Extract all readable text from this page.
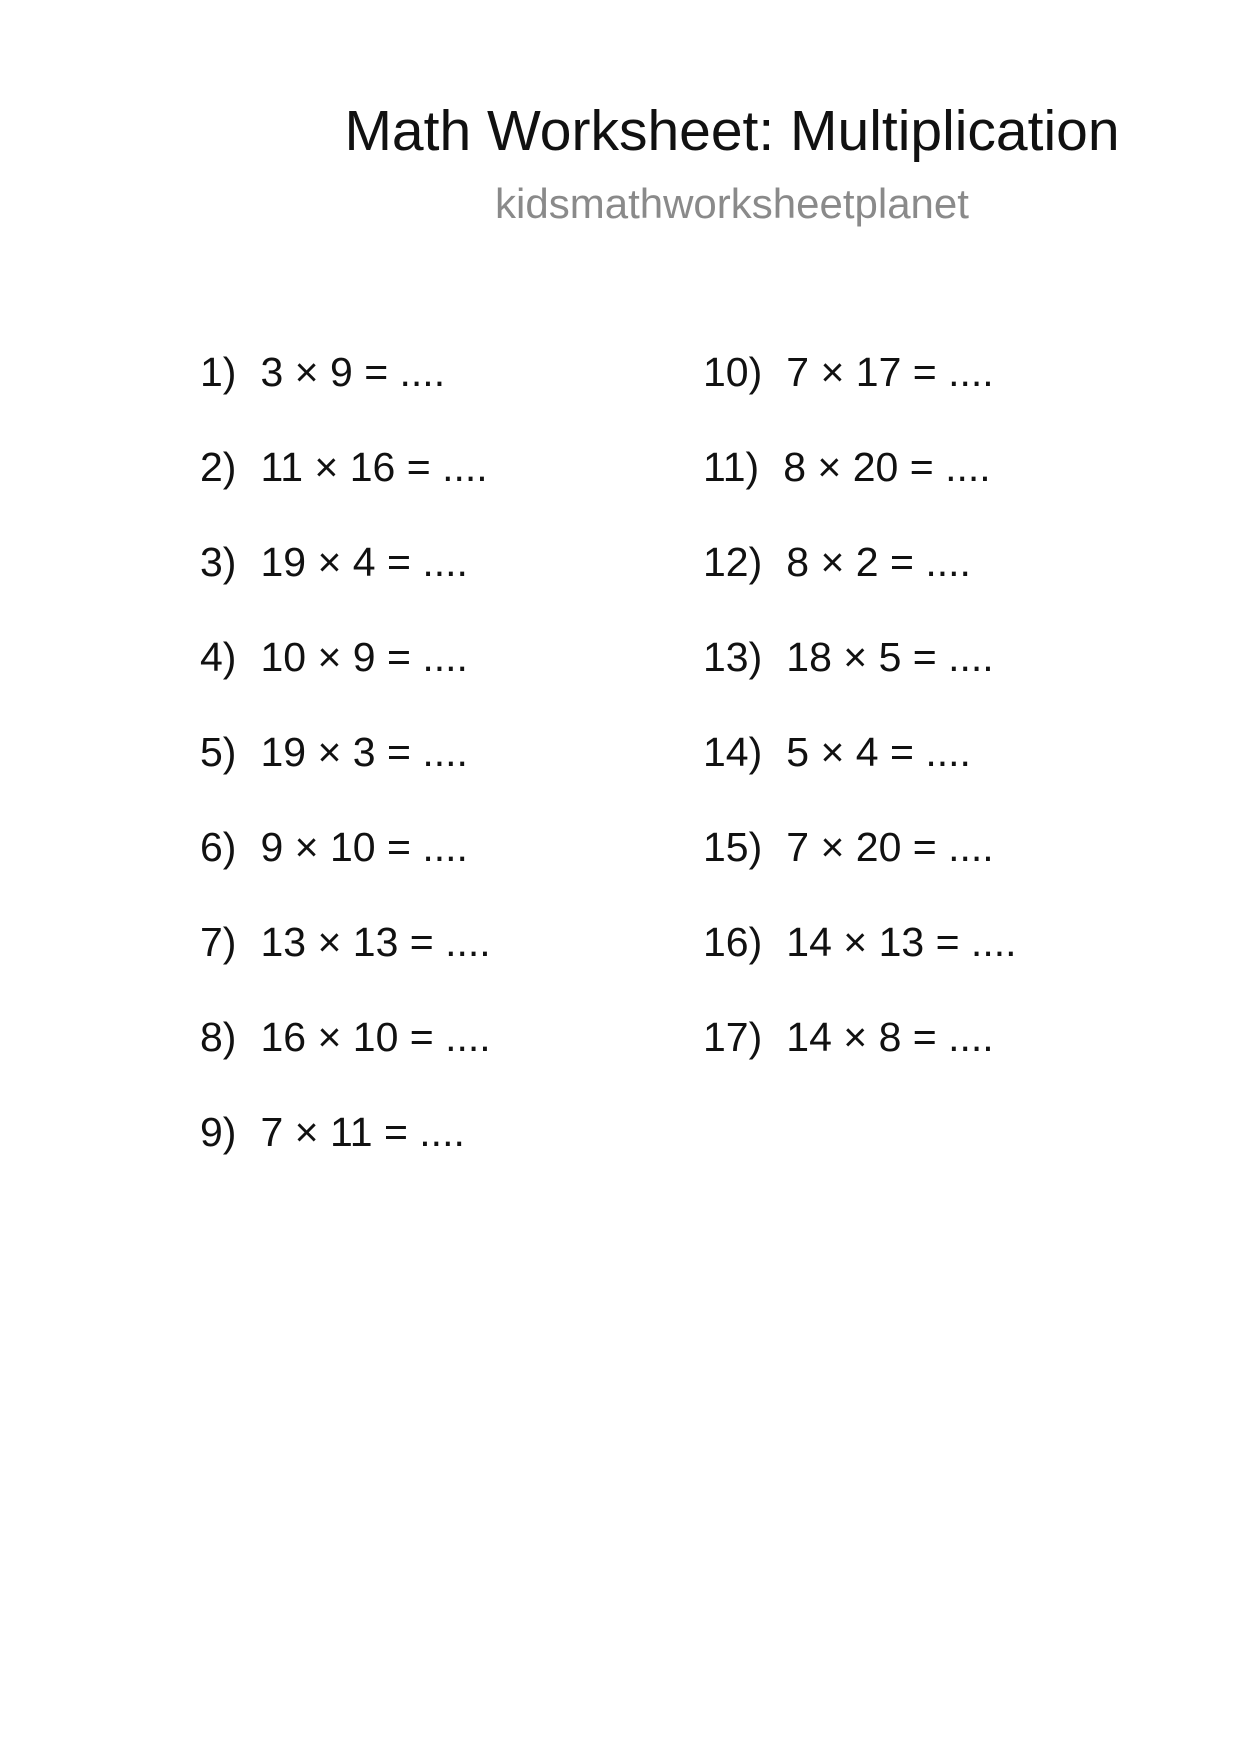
Math Worksheet: Multiplication
kidsmathworksheetplanet
1) 3 × 9 = ....
2) 11 × 16 = ....
3) 19 × 4 = ....
4) 10 × 9 = ....
5) 19 × 3 = ....
6) 9 × 10 = ....
7) 13 × 13 = ....
8) 16 × 10 = ....
9) 7 × 11 = ....
10) 7 × 17 = ....
11) 8 × 20 = ....
12) 8 × 2 = ....
13) 18 × 5 = ....
14) 5 × 4 = ....
15) 7 × 20 = ....
16) 14 × 13 = ....
17) 14 × 8 = ....
